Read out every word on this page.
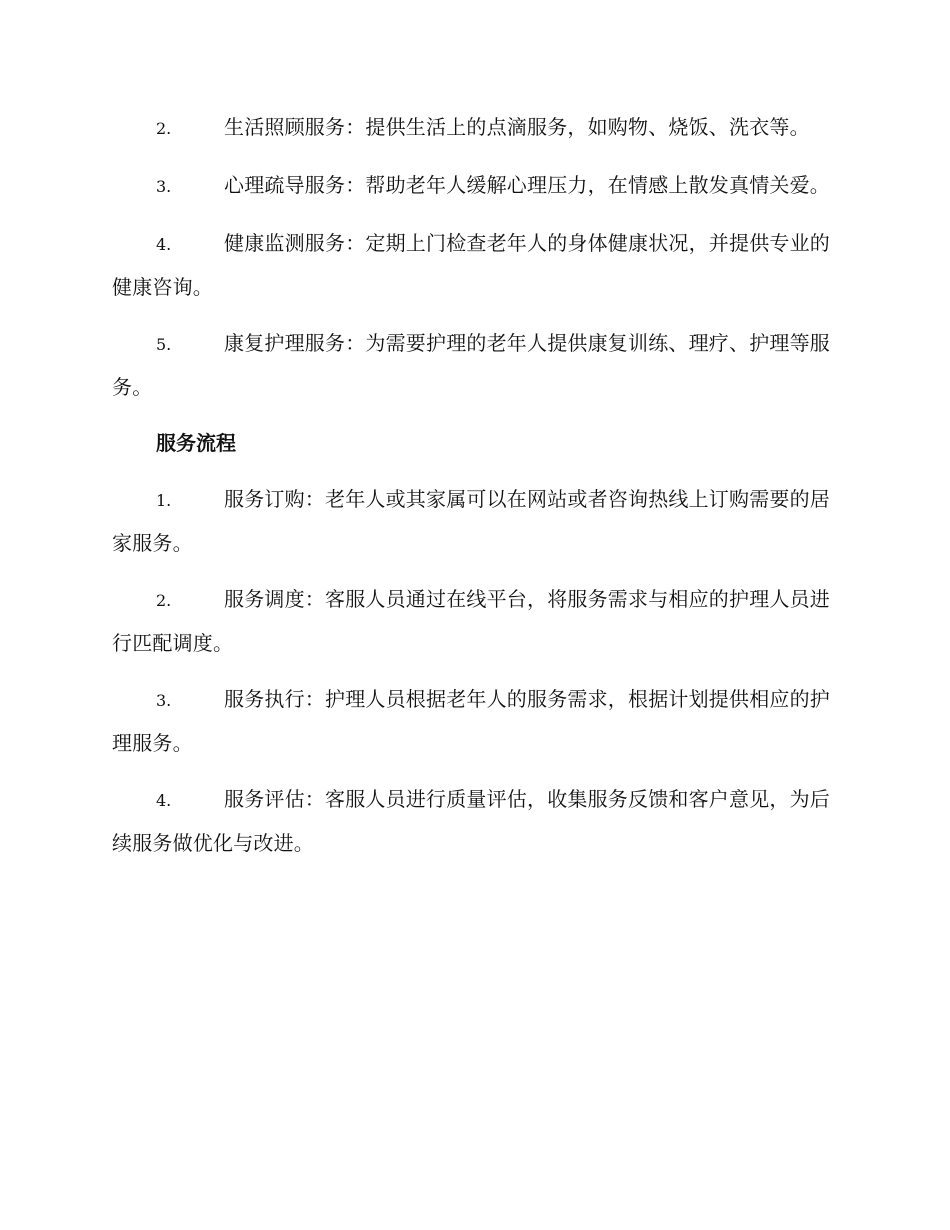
2.	生活照顾服务：提供生活上的点滴服务，如购物、烧饭、洗衣等。
3.	心理疏导服务：帮助老年人缓解心理压力，在情感上散发真情关爱。
4.	健康监测服务：定期上门检查老年人的身体健康状况，并提供专业的健康咨询。
5.	康复护理服务：为需要护理的老年人提供康复训练、理疗、护理等服务。
服务流程
1.	服务订购：老年人或其家属可以在网站或者咨询热线上订购需要的居家服务。
2.	服务调度：客服人员通过在线平台，将服务需求与相应的护理人员进行匹配调度。
3.	服务执行：护理人员根据老年人的服务需求，根据计划提供相应的护理服务。
4.	服务评估：客服人员进行质量评估，收集服务反馈和客户意见，为后续服务做优化与改进。
